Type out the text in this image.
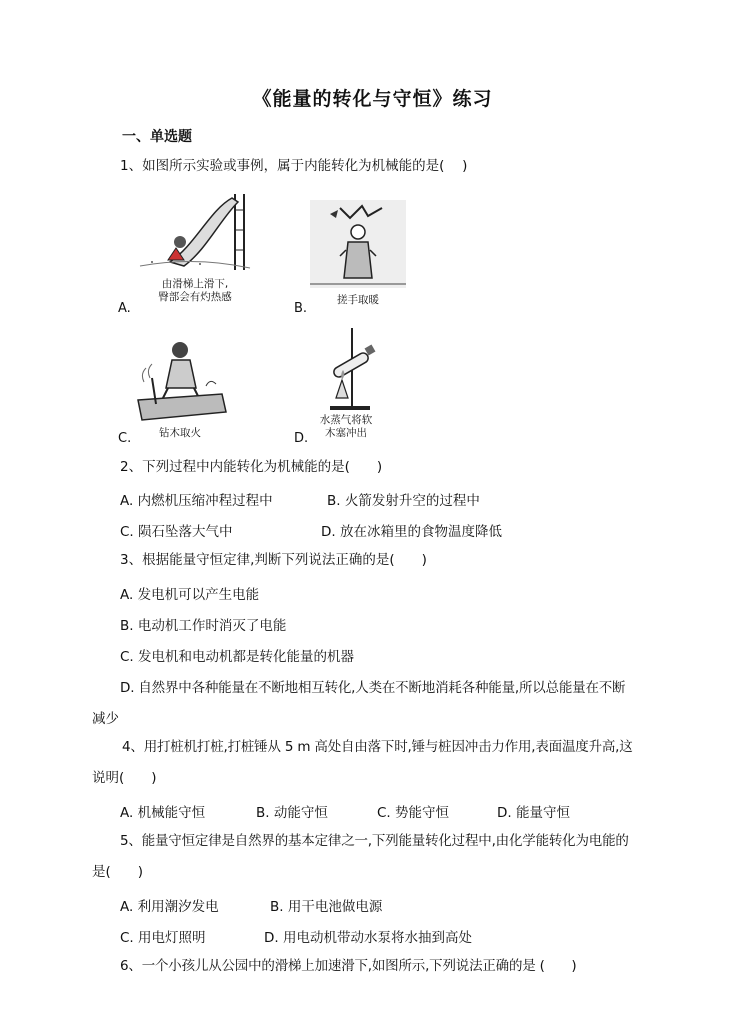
《能量的转化与守恒》练习
一、单选题
1、如图所示实验或事例，属于内能转化为机械能的是(　 )
由滑梯上滑下,
臀部会有灼热感
A.
搓手取暖
B.
钻木取火
C.
水蒸气将软
木塞冲出
D.
2、下列过程中内能转化为机械能的是(　　)
A. 内燃机压缩冲程过程中	B. 火箭发射升空的过程中
C. 陨石坠落大气中	D. 放在冰箱里的食物温度降低
3、根据能量守恒定律,判断下列说法正确的是(　　)
A. 发电机可以产生电能
B. 电动机工作时消灭了电能
C. 发电机和电动机都是转化能量的机器
D. 自然界中各种能量在不断地相互转化,人类在不断地消耗各种能量,所以总能量在不断
减少
4、用打桩机打桩,打桩锤从 5 m 高处自由落下时,锤与桩因冲击力作用,表面温度升高,这
说明(　　)
A. 机械能守恒	B. 动能守恒	C. 势能守恒	D. 能量守恒
5、能量守恒定律是自然界的基本定律之一,下列能量转化过程中,由化学能转化为电能的
是(　　)
A. 利用潮汐发电	B. 用干电池做电源
C. 用电灯照明	D. 用电动机带动水泵将水抽到高处
6、一个小孩儿从公园中的滑梯上加速滑下,如图所示,下列说法正确的是 (　　)
